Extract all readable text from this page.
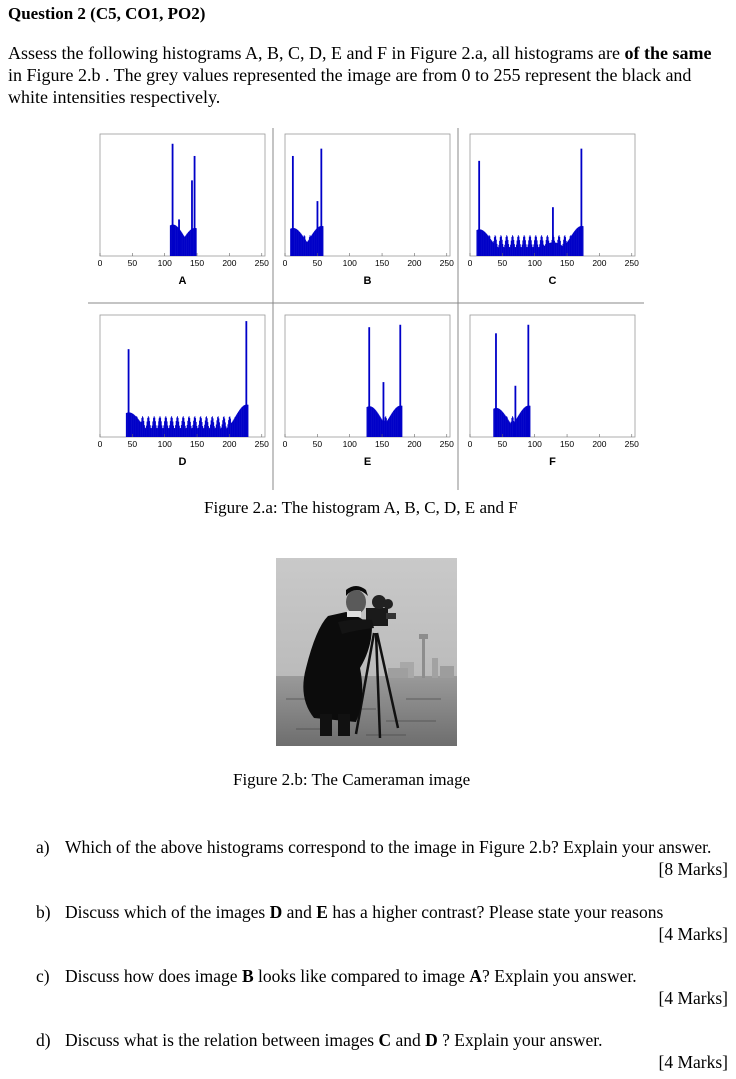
Question 2 (C5, CO1, PO2)
Assess the following histograms A, B, C, D, E and F in Figure 2.a, all histograms are of the same in Figure 2.b . The grey values represented the image are from 0 to 255 represent the black and white intensities respectively.
0	50 100 150 200 250
A
0	50 100 150 200 250
B
0	50 100 150 200 250
C
0	50 100 150 200 250
D
0	50 100 150 200 250
E
0	50 100 150 200 250
F
Figure 2.a: The histogram A, B, C, D, E and F
Figure 2.b: The Cameraman image
a) Which of the above histograms correspond to the image in Figure 2.b? Explain your answer.
[8 Marks]
b) Discuss which of the images D and E has a higher contrast? Please state your reasons
[4 Marks]
c) Discuss how does image B looks like compared to image A? Explain you answer.
[4 Marks]
d) Discuss what is the relation between images C and D ? Explain your answer.
[4 Marks]
